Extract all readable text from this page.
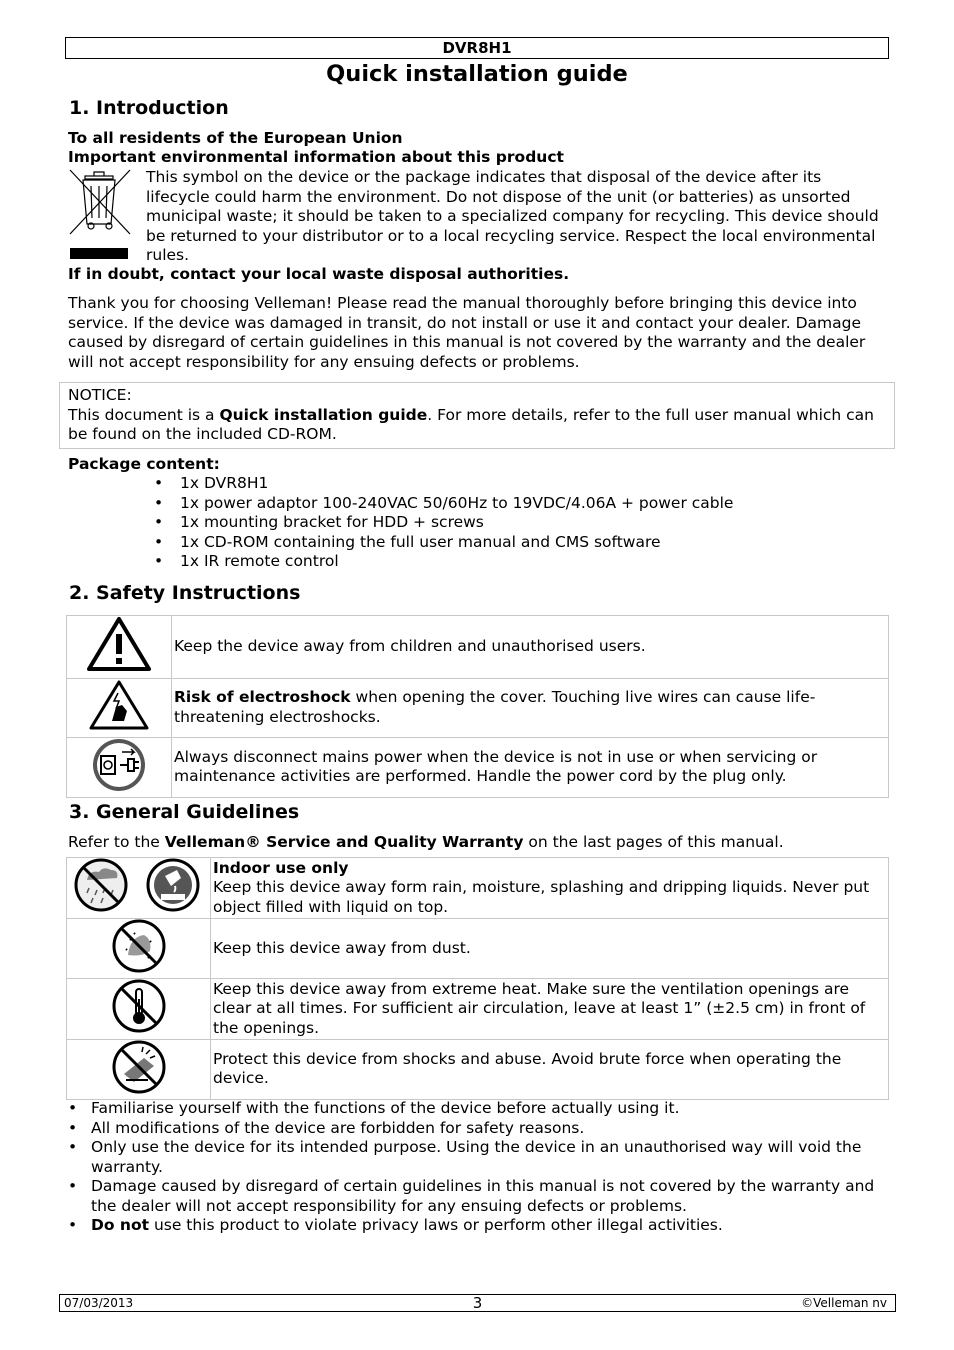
DVR8H1
Quick installation guide
1. Introduction
To all residents of the European Union
Important environmental information about this product
This symbol on the device or the package indicates that disposal of the device after its lifecycle could harm the environment. Do not dispose of the unit (or batteries) as unsorted municipal waste; it should be taken to a specialized company for recycling. This device should be returned to your distributor or to a local recycling service. Respect the local environmental rules.
If in doubt, contact your local waste disposal authorities.
Thank you for choosing Velleman! Please read the manual thoroughly before bringing this device into service. If the device was damaged in transit, do not install or use it and contact your dealer. Damage caused by disregard of certain guidelines in this manual is not covered by the warranty and the dealer will not accept responsibility for any ensuing defects or problems.
NOTICE:
This document is a Quick installation guide. For more details, refer to the full user manual which can be found on the included CD-ROM.
Package content:
• 1x DVR8H1
• 1x power adaptor 100-240VAC 50/60Hz to 19VDC/4.06A + power cable
• 1x mounting bracket for HDD + screws
• 1x CD-ROM containing the full user manual and CMS software
• 1x IR remote control
2. Safety Instructions
	Keep the device away from children and unauthorised users.
	Risk of electroshock when opening the cover. Touching live wires can cause life-threatening electroshocks.
	Always disconnect mains power when the device is not in use or when servicing or maintenance activities are performed. Handle the power cord by the plug only.
3. General Guidelines
Refer to the Velleman® Service and Quality Warranty on the last pages of this manual.

Indoor use only
Keep this device away form rain, moisture, splashing and dripping liquids. Never put object filled with liquid on top.

	Keep this device away from dust.
	Keep this device away from extreme heat. Make sure the ventilation openings are clear at all times. For sufficient air circulation, leave at least 1” (±2.5 cm) in front of the openings.
	Protect this device from shocks and abuse. Avoid brute force when operating the device.
• Familiarise yourself with the functions of the device before actually using it.
• All modifications of the device are forbidden for safety reasons.
• Only use the device for its intended purpose. Using the device in an unauthorised way will void the warranty.
• Damage caused by disregard of certain guidelines in this manual is not covered by the warranty and the dealer will not accept responsibility for any ensuing defects or problems.
• Do not use this product to violate privacy laws or perform other illegal activities.
07/03/2013	3	©Velleman nv
